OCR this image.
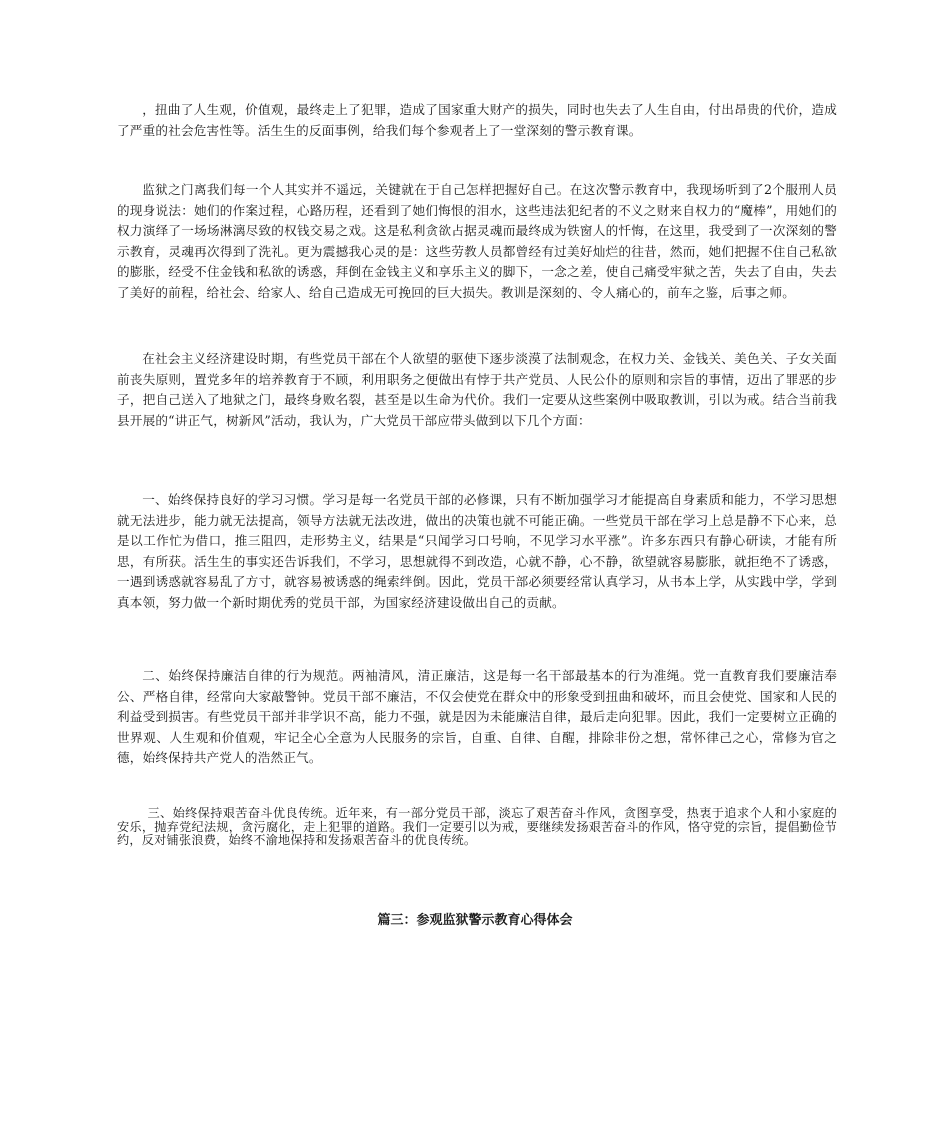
，扭曲了人生观，价值观，最终走上了犯罪，造成了国家重大财产的损失，同时也失去了人生自由，付出昂贵的代价，造成了严重的社会危害性等。活生生的反面事例，给我们每个参观者上了一堂深刻的警示教育课。

监狱之门离我们每一个人其实并不遥远，关键就在于自己怎样把握好自己。在这次警示教育中，我现场听到了2个服刑人员的现身说法：她们的作案过程，心路历程，还看到了她们悔恨的泪水，这些违法犯纪者的不义之财来自权力的“魔棒”，用她们的权力演绎了一场场淋漓尽致的权钱交易之戏。这是私利贪欲占据灵魂而最终成为铁窗人的忏悔，在这里，我受到了一次深刻的警示教育，灵魂再次得到了洗礼。更为震撼我心灵的是：这些劳教人员都曾经有过美好灿烂的往昔，然而，她们把握不住自己私欲的膨胀，经受不住金钱和私欲的诱惑，拜倒在金钱主义和享乐主义的脚下，一念之差，使自己痛受牢狱之苦，失去了自由，失去了美好的前程，给社会、给家人、给自己造成无可挽回的巨大损失。教训是深刻的、令人痛心的，前车之鉴，后事之师。

在社会主义经济建设时期，有些党员干部在个人欲望的驱使下逐步淡漠了法制观念，在权力关、金钱关、美色关、子女关面前丧失原则，置党多年的培养教育于不顾，利用职务之便做出有悖于共产党员、人民公仆的原则和宗旨的事情，迈出了罪恶的步子，把自己送入了地狱之门，最终身败名裂，甚至是以生命为代价。我们一定要从这些案例中吸取教训，引以为戒。结合当前我县开展的“讲正气，树新风”活动，我认为，广大党员干部应带头做到以下几个方面：

一、始终保持良好的学习习惯。学习是每一名党员干部的必修课，只有不断加强学习才能提高自身素质和能力，不学习思想就无法进步，能力就无法提高，领导方法就无法改进，做出的决策也就不可能正确。一些党员干部在学习上总是静不下心来，总是以工作忙为借口，推三阻四，走形势主义，结果是“只闻学习口号响，不见学习水平涨”。许多东西只有静心研读，才能有所思，有所获。活生生的事实还告诉我们，不学习，思想就得不到改造，心就不静，心不静，欲望就容易膨胀，就拒绝不了诱惑，一遇到诱惑就容易乱了方寸，就容易被诱惑的绳索绊倒。因此，党员干部必须要经常认真学习，从书本上学，从实践中学，学到真本领，努力做一个新时期优秀的党员干部，为国家经济建设做出自己的贡献。

二、始终保持廉洁自律的行为规范。两袖清风，清正廉洁，这是每一名干部最基本的行为准绳。党一直教育我们要廉洁奉公、严格自律，经常向大家敲警钟。党员干部不廉洁，不仅会使党在群众中的形象受到扭曲和破坏，而且会使党、国家和人民的利益受到损害。有些党员干部并非学识不高，能力不强，就是因为未能廉洁自律，最后走向犯罪。因此，我们一定要树立正确的世界观、人生观和价值观，牢记全心全意为人民服务的宗旨，自重、自律、自醒，排除非份之想，常怀律己之心，常修为官之德，始终保持共产党人的浩然正气。

三、始终保持艰苦奋斗优良传统。近年来，有一部分党员干部，淡忘了艰苦奋斗作风，贪图享受，热衷于追求个人和小家庭的安乐，抛弃党纪法规，贪污腐化，走上犯罪的道路。我们一定要引以为戒，要继续发扬艰苦奋斗的作风，恪守党的宗旨，提倡勤俭节约，反对铺张浪费，始终不渝地保持和发扬艰苦奋斗的优良传统。

篇三：参观监狱警示教育心得体会
